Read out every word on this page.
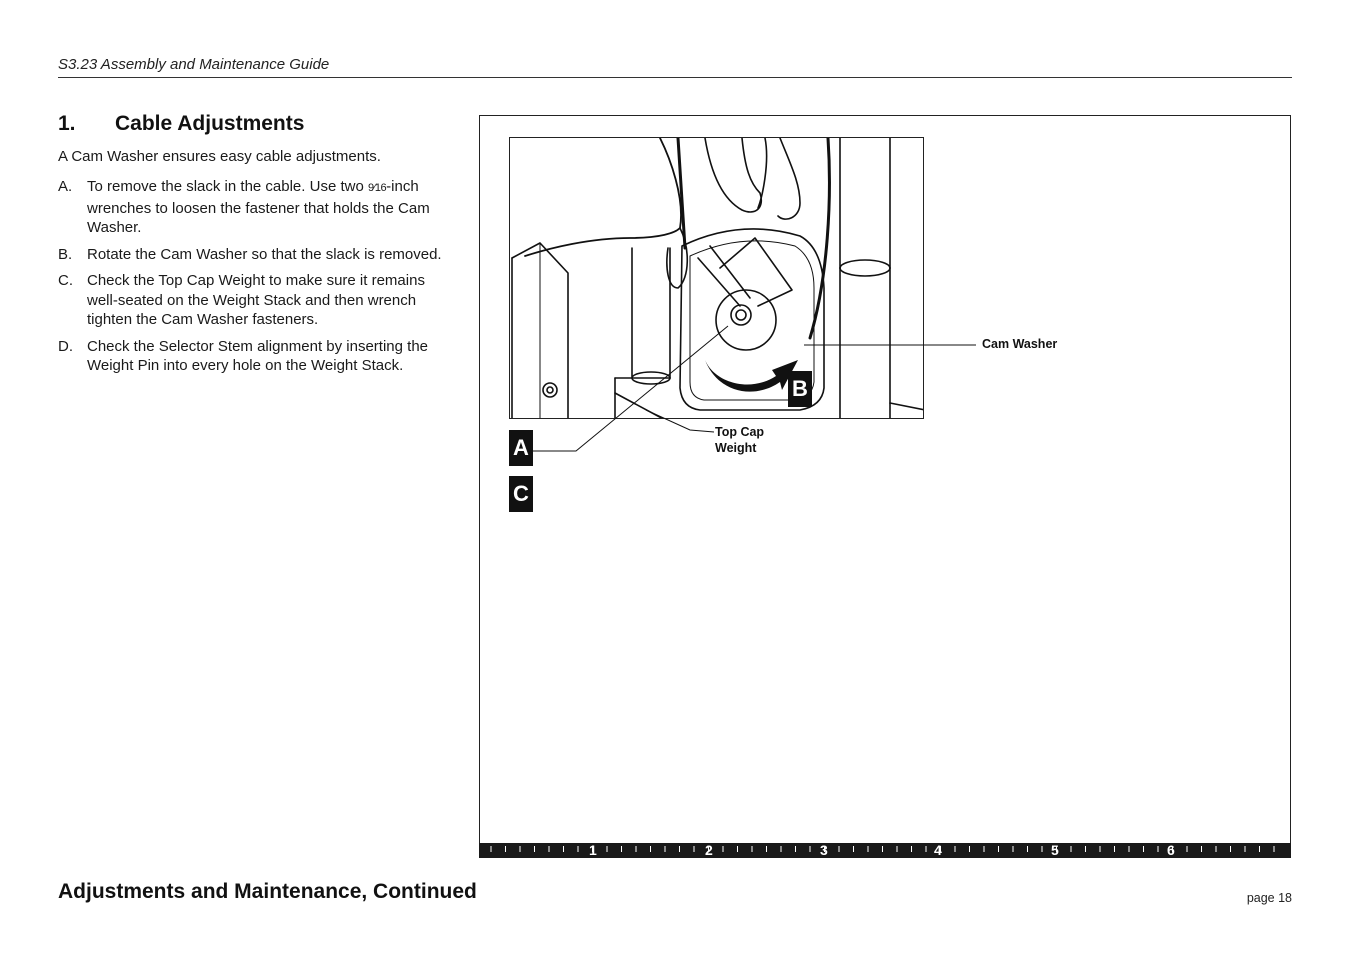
S3.23 Assembly and Maintenance Guide
1. Cable Adjustments

A Cam Washer ensures easy cable adjustments.

A. To remove the slack in the cable. Use two 9⁄16-inch wrenches to loosen the fastener that holds the Cam Washer.
B. Rotate the Cam Washer so that the slack is removed.
C. Check the Top Cap Weight to make sure it remains well-seated on the Weight Stack and then wrench tighten the Cam Washer fasteners.
D. Check the Selector Stem alignment by inserting the Weight Pin into every hole on the Weight Stack.
A
B
C
Cam Washer
Top Cap
Weight
1	2	3	4	5	6
Adjustments and Maintenance, Continued	page 18
